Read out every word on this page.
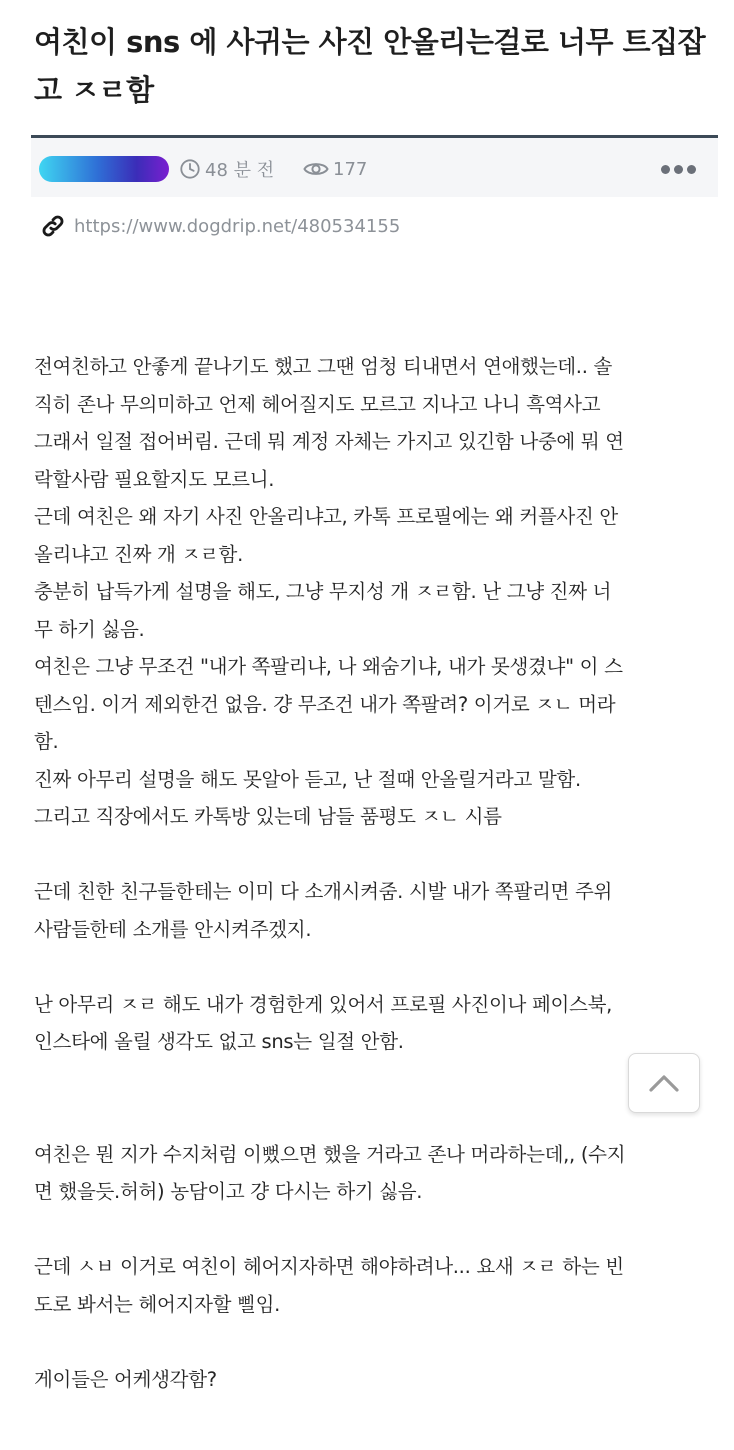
여친이 sns 에 사귀는 사진 안올리는걸로 너무 트집잡고 ㅈㄹ함
48 분 전	177
https://www.dogdrip.net/480534155

전여친하고 안좋게 끝나기도 했고 그땐 엄청 티내면서 연애했는데.. 솔

직히 존나 무의미하고 언제 헤어질지도 모르고 지나고 나니 흑역사고

그래서 일절 접어버림. 근데 뭐 계정 자체는 가지고 있긴함 나중에 뭐 연

락할사람 필요할지도 모르니.

근데 여친은 왜 자기 사진 안올리냐고, 카톡 프로필에는 왜 커플사진 안

올리냐고 진짜 개 ㅈㄹ함.

충분히 납득가게 설명을 해도, 그냥 무지성 개 ㅈㄹ함. 난 그냥 진짜 너

무 하기 싫음.

여친은 그냥 무조건 "내가 쪽팔리냐, 나 왜숨기냐, 내가 못생겼냐" 이 스

텐스임. 이거 제외한건 없음. 걍 무조건 내가 쪽팔려? 이거로 ㅈㄴ 머라

함.

진짜 아무리 설명을 해도 못알아 듣고, 난 절때 안올릴거라고 말함.

그리고 직장에서도 카톡방 있는데 남들 품평도 ㅈㄴ 시름

근데 친한 친구들한테는 이미 다 소개시켜줌. 시발 내가 쪽팔리면 주위

사람들한테 소개를 안시켜주겠지.

난 아무리 ㅈㄹ 해도 내가 경험한게 있어서 프로필 사진이나 페이스북,

인스타에 올릴 생각도 없고 sns는 일절 안함.

여친은 뭔 지가 수지처럼 이뻤으면 했을 거라고 존나 머라하는데,, (수지

면 했을듯.허허) 농담이고 걍 다시는 하기 싫음.

근데 ㅅㅂ 이거로 여친이 헤어지자하면 해야하려나... 요새 ㅈㄹ 하는 빈

도로 봐서는 헤어지자할 삘임.

게이들은 어케생각함?
